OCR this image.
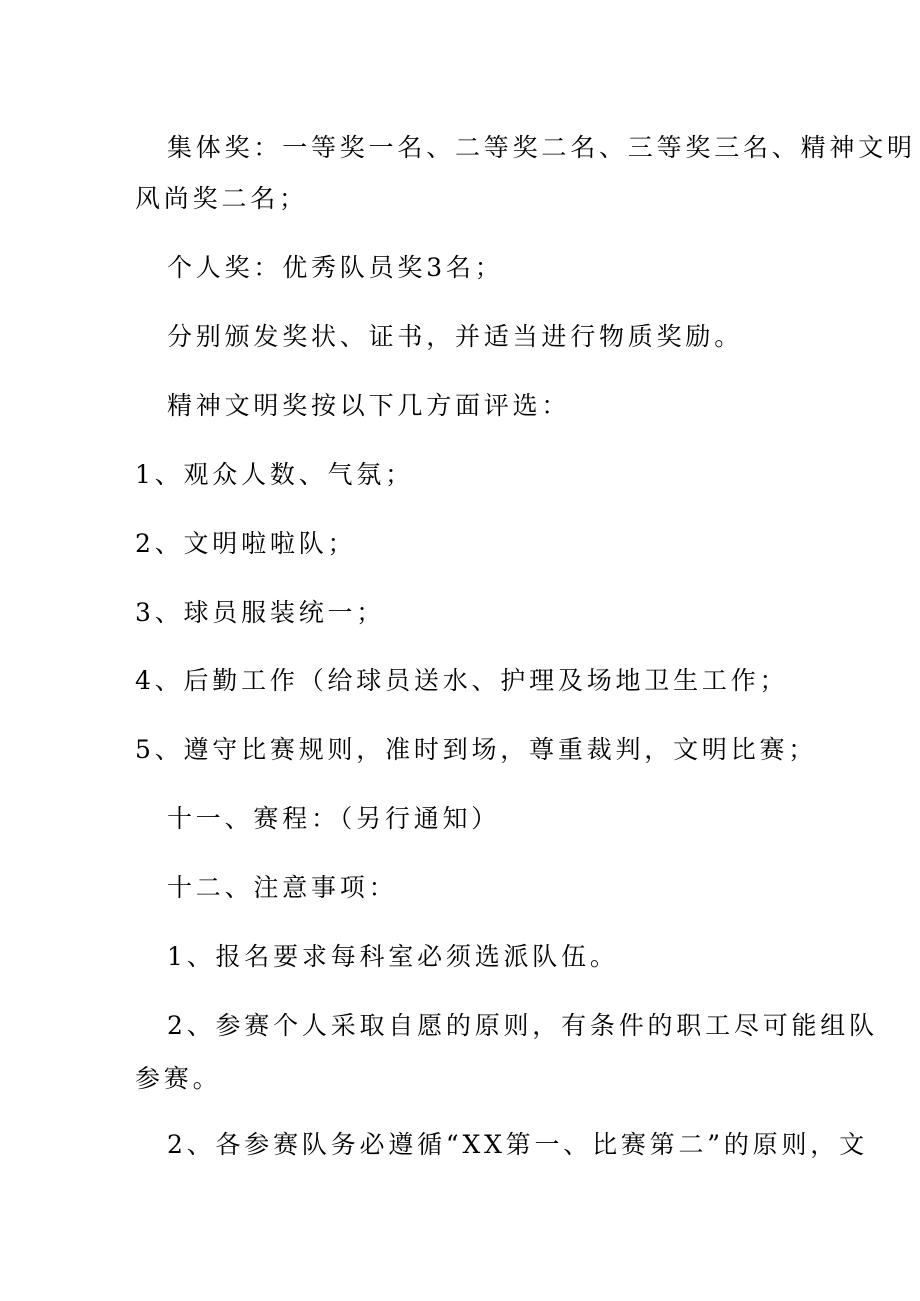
集体奖：一等奖一名、二等奖二名、三等奖三名、精神文明

风尚奖二名；

个人奖：优秀队员奖3名；

分别颁发奖状、证书，并适当进行物质奖励。

精神文明奖按以下几方面评选：

1、观众人数、气氛；

2、文明啦啦队；

3、球员服装统一；

4、后勤工作（给球员送水、护理及场地卫生工作；

5、遵守比赛规则，准时到场，尊重裁判，文明比赛；

十一、赛程：（另行通知）

十二、注意事项：

1、报名要求每科室必须选派队伍。

2、参赛个人采取自愿的原则，有条件的职工尽可能组队

参赛。

2、各参赛队务必遵循“XX第一、比赛第二”的原则，文
